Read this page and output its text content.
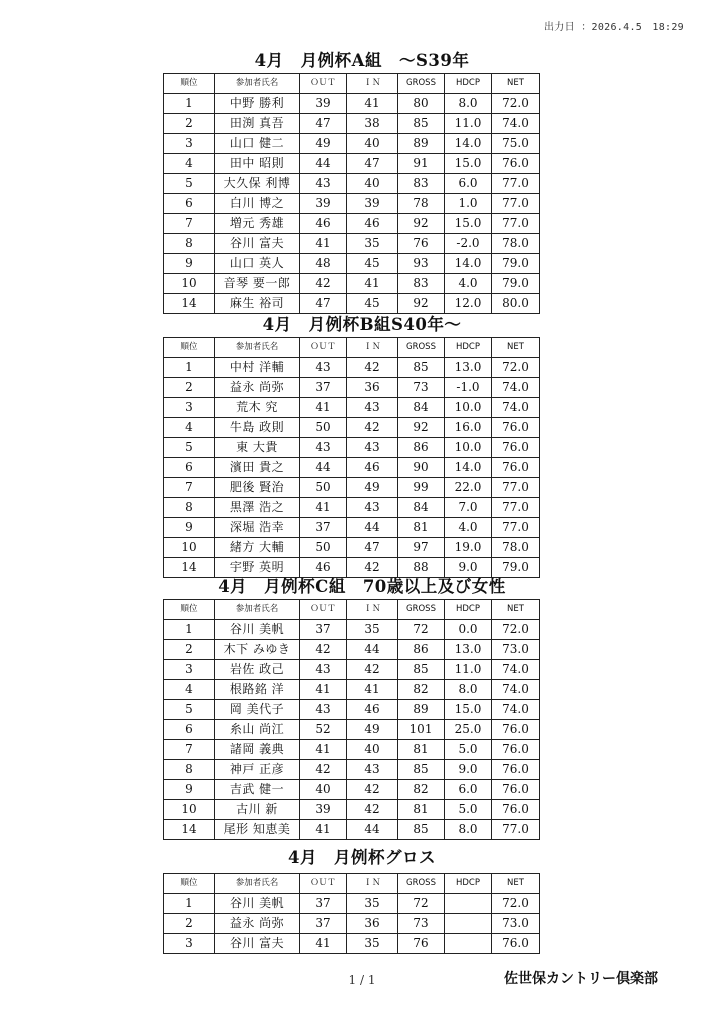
出力日 ：2026.4.5　18:29
4月　月例杯A組　～S39年
順位	参加者氏名	ＯＵＴ	ＩＮ	GROSS	HDCP	NET
1	中野 勝利	39	41	80	8.0	72.0
2	田渕 真吾	47	38	85	11.0	74.0
3	山口 健二	49	40	89	14.0	75.0
4	田中 昭則	44	47	91	15.0	76.0
5	大久保 利博	43	40	83	6.0	77.0
6	白川 博之	39	39	78	1.0	77.0
7	増元 秀雄	46	46	92	15.0	77.0
8	谷川 富夫	41	35	76	-2.0	78.0
9	山口 英人	48	45	93	14.0	79.0
10	音琴 要一郎	42	41	83	4.0	79.0
14	麻生 裕司	47	45	92	12.0	80.0
4月　月例杯B組S40年～
順位	参加者氏名	ＯＵＴ	ＩＮ	GROSS	HDCP	NET
1	中村 洋輔	43	42	85	13.0	72.0
2	益永 尚弥	37	36	73	-1.0	74.0
3	荒木 究	41	43	84	10.0	74.0
4	牛島 政則	50	42	92	16.0	76.0
5	東 大貴	43	43	86	10.0	76.0
6	濱田 貴之	44	46	90	14.0	76.0
7	肥後 賢治	50	49	99	22.0	77.0
8	黒澤 浩之	41	43	84	7.0	77.0
9	深堀 浩幸	37	44	81	4.0	77.0
10	緒方 大輔	50	47	97	19.0	78.0
14	宇野 英明	46	42	88	9.0	79.0
4月　月例杯C組　70歳以上及び女性
順位	参加者氏名	ＯＵＴ	ＩＮ	GROSS	HDCP	NET
1	谷川 美帆	37	35	72	0.0	72.0
2	木下 みゆき	42	44	86	13.0	73.0
3	岩佐 政己	43	42	85	11.0	74.0
4	根路銘 洋	41	41	82	8.0	74.0
5	岡 美代子	43	46	89	15.0	74.0
6	糸山 尚江	52	49	101	25.0	76.0
7	諸岡 義典	41	40	81	5.0	76.0
8	神戸 正彦	42	43	85	9.0	76.0
9	吉武 健一	40	42	82	6.0	76.0
10	古川 新	39	42	81	5.0	76.0
14	尾形 知恵美	41	44	85	8.0	77.0
4月　月例杯グロス
順位	参加者氏名	ＯＵＴ	ＩＮ	GROSS	HDCP	NET
1	谷川 美帆	37	35	72		72.0
2	益永 尚弥	37	36	73		73.0
3	谷川 富夫	41	35	76		76.0
1 / 1	佐世保カントリー倶楽部
